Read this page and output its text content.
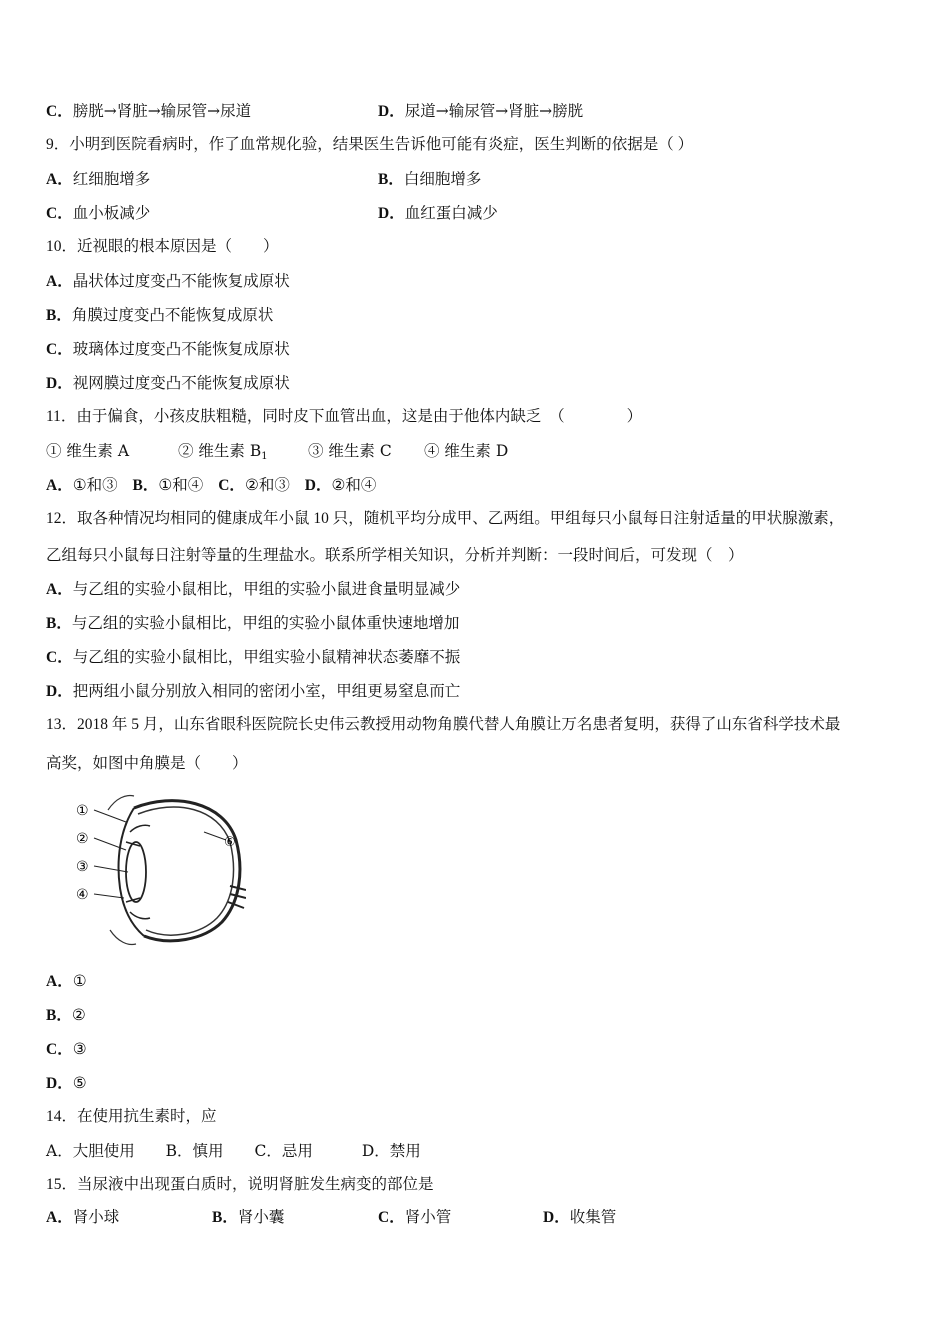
C．膀胱→肾脏→输尿管→尿道	D．尿道→输尿管→肾脏→膀胱
9．小明到医院看病时，作了血常规化验，结果医生告诉他可能有炎症，医生判断的依据是（ ）
A．红细胞增多	B．白细胞增多
C．血小板减少	D．血红蛋白减少
10．近视眼的根本原因是（　　）
A．晶状体过度变凸不能恢复成原状
B．角膜过度变凸不能恢复成原状
C．玻璃体过度变凸不能恢复成原状
D．视网膜过度变凸不能恢复成原状
11．由于偏食，小孩皮肤粗糙，同时皮下血管出血，这是由于他体内缺乏　（　　　　）
① 维生素 A	② 维生素 $B_1$	③ 维生素 C ④ 维生素 D
A．①和③ B．①和④ C．②和③ D．②和④
12．取各种情况均相同的健康成年小鼠 10 只，随机平均分成甲、乙两组。甲组每只小鼠每日注射适量的甲状腺激素，
乙组每只小鼠每日注射等量的生理盐水。联系所学相关知识，分析并判断：一段时间后，可发现（　）
A．与乙组的实验小鼠相比，甲组的实验小鼠进食量明显减少
B．与乙组的实验小鼠相比，甲组的实验小鼠体重快速地增加
C．与乙组的实验小鼠相比，甲组实验小鼠精神状态萎靡不振
D．把两组小鼠分别放入相同的密闭小室，甲组更易窒息而亡
13．2018 年 5 月，山东省眼科医院院长史伟云教授用动物角膜代替人角膜让万名患者复明，获得了山东省科学技术最
高奖，如图中角膜是（　　）
①
②
③
④
⑥
A．①
B．②
C．③
D．⑤
14．在使用抗生素时，应
A．大胆使用 B．慎用 C．忌用	D．禁用
15．当尿液中出现蛋白质时，说明肾脏发生病变的部位是
A．肾小球	B．肾小囊	C．肾小管	D．收集管
